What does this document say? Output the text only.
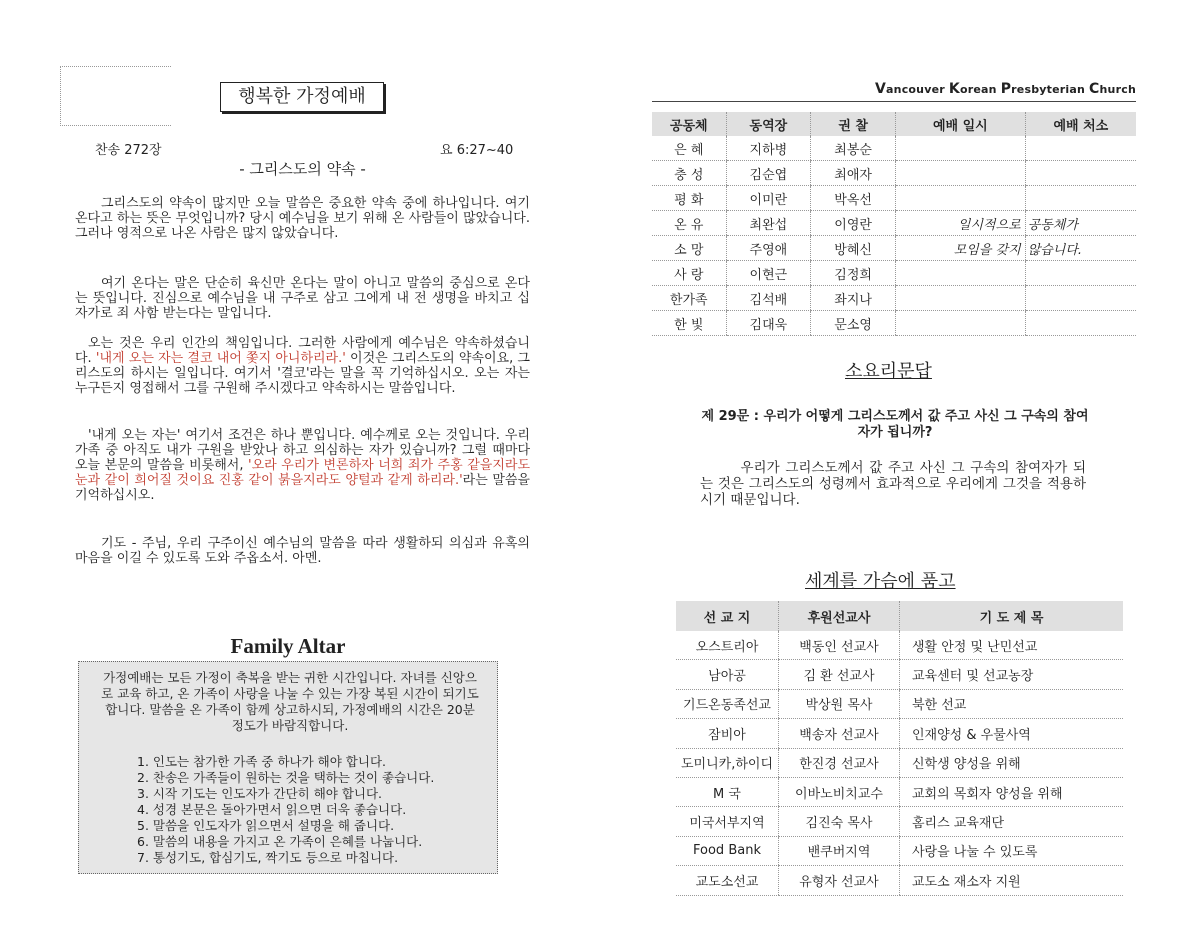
행복한 가정예배
찬송 272장	요 6:27~40
- 그리스도의 약속 -
그리스도의 약속이 많지만 오늘 말씀은 중요한 약속 중에 하나입니다. 여기 온다고 하는 뜻은 무엇입니까? 당시 예수님을 보기 위해 온 사람들이 많았습니다. 그러나 영적으로 나온 사람은 많지 않았습니다.
여기 온다는 말은 단순히 육신만 온다는 말이 아니고 말씀의 중심으로 온다는 뜻입니다. 진심으로 예수님을 내 구주로 삼고 그에게 내 전 생명을 바치고 십자가로 죄 사함 받는다는 말입니다.
오는 것은 우리 인간의 책임입니다. 그러한 사람에게 예수님은 약속하셨습니다. '내게 오는 자는 결코 내어 쫓지 아니하리라.' 이것은 그리스도의 약속이요, 그리스도의 하시는 일입니다. 여기서 '결코'라는 말을 꼭 기억하십시오. 오는 자는 누구든지 영접해서 그를 구원해 주시겠다고 약속하시는 말씀입니다.
'내게 오는 자는' 여기서 조건은 하나 뿐입니다. 예수께로 오는 것입니다. 우리 가족 중 아직도 내가 구원을 받았나 하고 의심하는 자가 있습니까? 그럴 때마다 오늘 본문의 말씀을 비롯해서, '오라 우리가 변론하자 너희 죄가 주홍 같을지라도 눈과 같이 희어질 것이요 진홍 같이 붉을지라도 양털과 같게 하리라.'라는 말씀을 기억하십시오.
기도 - 주님, 우리 구주이신 예수님의 말씀을 따라 생활하되 의심과 유혹의 마음을 이길 수 있도록 도와 주옵소서. 아멘.
Family Altar
가정예배는 모든 가정이 축복을 받는 귀한 시간입니다. 자녀를 신앙으로 교육 하고, 온 가족이 사랑을 나눌 수 있는 가장 복된 시간이 되기도 합니다. 말씀을 온 가족이 함께 상고하시되, 가정예배의 시간은 20분 정도가 바람직합니다.
1. 인도는 참가한 가족 중 하나가 해야 합니다.
2. 찬송은 가족들이 원하는 것을 택하는 것이 좋습니다.
3. 시작 기도는 인도자가 간단히 해야 합니다.
4. 성경 본문은 돌아가면서 읽으면 더욱 좋습니다.
5. 말씀을 인도자가 읽으면서 설명을 해 줍니다.
6. 말씀의 내용을 가지고 온 가족이 은혜를 나눕니다.
7. 통성기도, 합심기도, 짝기도 등으로 마칩니다.
Vancouver Korean Presbyterian Church
공동체	동역장	권 찰	예배 일시	예배 처소
은 혜	지하병	최봉순		
충 성	김순엽	최애자		
평 화	이미란	박옥선		
온 유	최완섭	이영란	일시적으로	공동체가
소 망	주영애	방혜신	모임을 갖지	않습니다.
사 랑	이현근	김정희		
한가족	김석배	좌지나		
한 빛	김대욱	문소영		
소요리문답
제 29문 : 우리가 어떻게 그리스도께서 값 주고 사신 그 구속의 참여자가 됩니까?
우리가 그리스도께서 값 주고 사신 그 구속의 참여자가 되는 것은 그리스도의 성령께서 효과적으로 우리에게 그것을 적용하시기 때문입니다.
세계를 가슴에 품고
선 교 지	후원선교사	기 도 제 목
오스트리아	백동인 선교사	생활 안정 및 난민선교
남아공	김 환 선교사	교육센터 및 선교농장
기드온동족선교	박상원 목사	북한 선교
잠비아	백송자 선교사	인재양성 & 우물사역
도미니카,하이디	한진경 선교사	신학생 양성을 위해
M 국	이바노비치교수	교회의 목회자 양성을 위해
미국서부지역	김진숙 목사	홈리스 교육재단
Food Bank	밴쿠버지역	사랑을 나눌 수 있도록
교도소선교	유형자 선교사	교도소 재소자 지원
